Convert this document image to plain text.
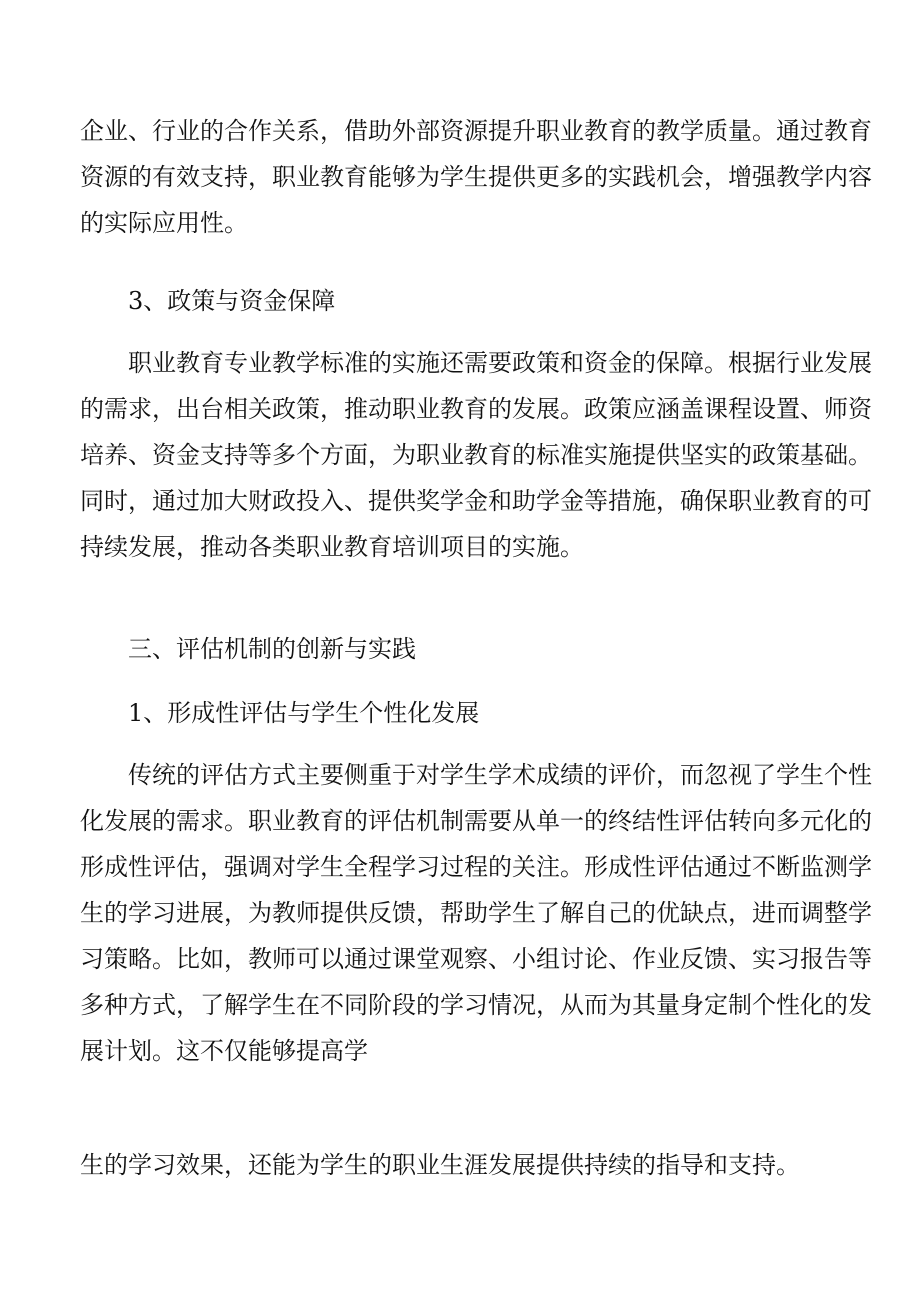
企业、行业的合作关系，借助外部资源提升职业教育的教学质量。通过教育
资源的有效支持，职业教育能够为学生提供更多的实践机会，增强教学内容
的实际应用性。
3、政策与资金保障
职业教育专业教学标准的实施还需要政策和资金的保障。根据行业发展
的需求，出台相关政策，推动职业教育的发展。政策应涵盖课程设置、师资
培养、资金支持等多个方面，为职业教育的标准实施提供坚实的政策基础。
同时，通过加大财政投入、提供奖学金和助学金等措施，确保职业教育的可
持续发展，推动各类职业教育培训项目的实施。
三、评估机制的创新与实践
1、形成性评估与学生个性化发展
传统的评估方式主要侧重于对学生学术成绩的评价，而忽视了学生个性
化发展的需求。职业教育的评估机制需要从单一的终结性评估转向多元化的
形成性评估，强调对学生全程学习过程的关注。形成性评估通过不断监测学
生的学习进展，为教师提供反馈，帮助学生了解自己的优缺点，进而调整学
习策略。比如，教师可以通过课堂观察、小组讨论、作业反馈、实习报告等
多种方式，了解学生在不同阶段的学习情况，从而为其量身定制个性化的发
展计划。这不仅能够提高学
生的学习效果，还能为学生的职业生涯发展提供持续的指导和支持。
